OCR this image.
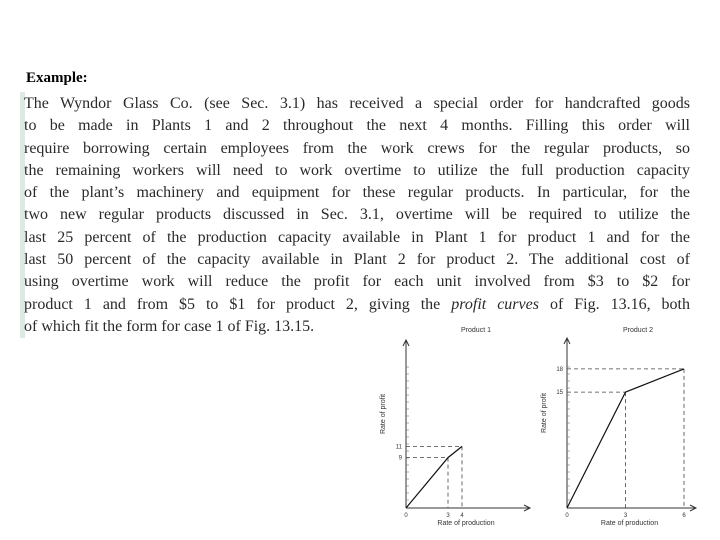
Example:

The Wyndor Glass Co. (see Sec. 3.1) has received a special order for handcrafted goods
to be made in Plants 1 and 2 throughout the next 4 months. Filling this order will
require borrowing certain employees from the work crews for the regular products, so
the remaining workers will need to work overtime to utilize the full production capacity
of the plant’s machinery and equipment for these regular products. In particular, for the
two new regular products discussed in Sec. 3.1, overtime will be required to utilize the
last 25 percent of the production capacity available in Plant 1 for product 1 and for the
last 50 percent of the capacity available in Plant 2 for product 2. The additional cost of
using overtime work will reduce the profit for each unit involved from $3 to $2 for
product 1 and from $5 to $1 for product 2, giving the profit curves of Fig. 13.16, both
of which fit the form for case 1 of Fig. 13.15.	Product 1
0	3 4
9
11
Rate of production
Rate of profit
Product 2
0	3	6
15
18
Rate of production
Rate of profit
